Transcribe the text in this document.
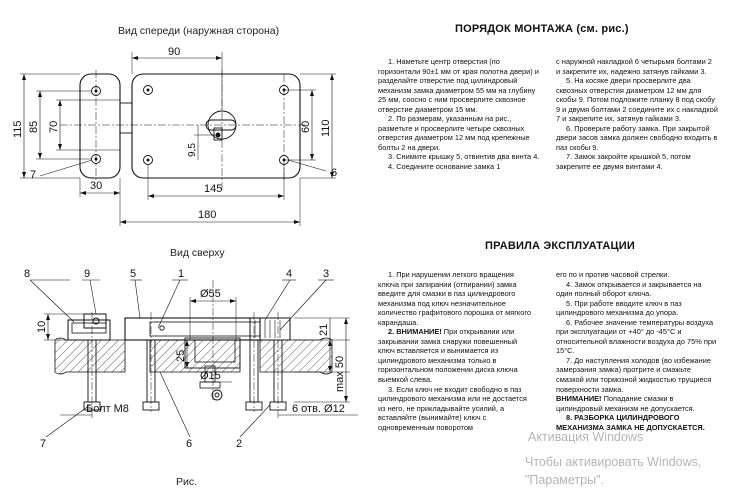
90
145
180
30
115 85 70	60 110
9,5
7	6
8	9	5	1	4	3
7	6	2
Ø55
Ø15
10
25
21
max 50
Болт М8	6 отв. Ø12
Вид спереди (наружная сторона)
Вид сверху
Рис.
ПОРЯДОК МОНТАЖА (см. рис.)

1. Наметьте центр отверстия (по горизонтали 90±1 мм от края полотна двери) и разделайте отверстие под цилиндровый механизм замка диаметром 55 мм на глубину 25 мм, соосно с ним просверлите сквозное отверстие диаметром 15 мм.

2. По размерам, указанным на рис., разметьте и просверлите четыре сквозных отверстия диаметром 12 мм под крепежные болты 2 на двери.

3. Снимите крышку 5, отвинтив два винта 4.

4. Соедините основание замка 1

с наружной накладкой 6 четырьмя болтами 2 и закрепите их, надежно затянув гайками 3.

5. На косяке двери просверлите два сквозных отверстия диаметром 12 мм для скобы 9. Потом подложите планку 8 под скобу 9 и двумя болтами 2 соедините их с накладкой 7 и закрепите их, затянув гайками 3.

6. Проверьте работу замка. При закрытой двери засов замка должен свободно входить в паз скобы 9.

7. Замок закройте крышкой 5, потом закрепите ее двумя винтами 4.

ПРАВИЛА ЭКСПЛУАТАЦИИ

1. При нарушении легкого вращения ключа при запирании (отпирании) замка введите для смазки в паз цилиндрового механизма под ключ незначительное количество графитового порошка от мягкого карандаша.

2. ВНИМАНИЕ! При открывании или закрывании замка снаружи повешенный ключ вставляется и вынимается из цилиндрового механизма только в горизонтальном положении диска ключа выемкой слева.

3. Если ключ не входит свободно в паз цилиндрового механизма или не достается из него, не прикладывайте усилий, а вставляйте (вынимайте) ключ с одновременным поворотом

его по и против часовой стрелки.

4. Замок открывается и закрывается на один полный оборот ключа.

5. При работе вводите ключ в паз цилиндрового механизма до упора.

6. Рабочее значение температуры воздуха при эксплуатации от +40° до -45°С и относительной влажности воздуха до 75% при 15°С.

7. До наступления холодов (во избежание замерзания замка) протрите и смажьте смазкой или тормозной жидкостью трущиеся поверхности замка.

ВНИМАНИЕ! Попадание смазки в цилиндровый механизм не допускается.

8. РАЗБОРКА ЦИЛИНДРОВОГО МЕХАНИЗМА ЗАМКА НЕ ДОПУСКАЕТСЯ.

Активация Windows
Чтобы активировать Windows,
"Параметры".
